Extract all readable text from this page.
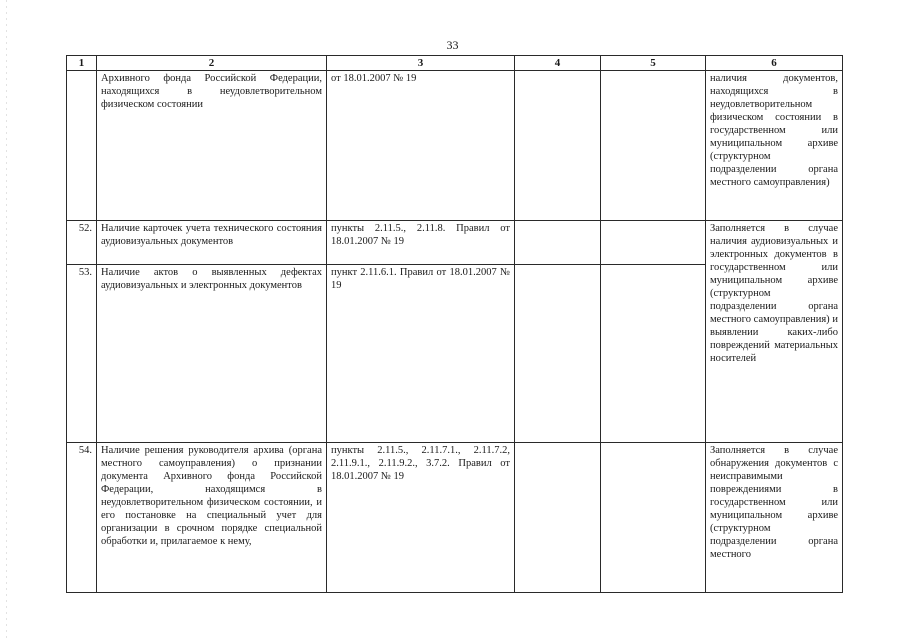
33
1	2	3	4	5	6
	Архивного фонда Российской Федерации, находящихся в неудовлетворительном физическом состоянии	от 18.01.2007 № 19			наличия документов, находящихся в неудовлетворительном физическом состоянии в государственном или муниципальном архиве (структурном подразделении органа местного самоуправления)
52.	Наличие карточек учета технического состояния аудиовизуальных документов	пункты 2.11.5., 2.11.8. Правил от 18.01.2007 № 19			Заполняется в случае наличия аудиовизуальных и электронных документов в государственном или муниципальном архиве (структурном подразделении органа местного самоуправления) и выявлении каких-либо повреждений материальных носителей
53.	Наличие актов о выявленных дефектах аудиовизуальных и электронных документов	пункт 2.11.6.1. Правил от 18.01.2007 № 19			
54.	Наличие решения руководителя архива (органа местного самоуправления) о признании документа Архивного фонда Российской Федерации, находящимся в неудовлетворительном физическом состоянии, и его постановке на специальный учет для организации в срочном порядке специальной обработки и, прилагаемое к нему,	пункты 2.11.5., 2.11.7.1., 2.11.7.2, 2.11.9.1., 2.11.9.2., 3.7.2. Правил от 18.01.2007 № 19			Заполняется в случае обнаружения документов с неисправимыми повреждениями в государственном или муниципальном архиве (структурном подразделении органа местного
